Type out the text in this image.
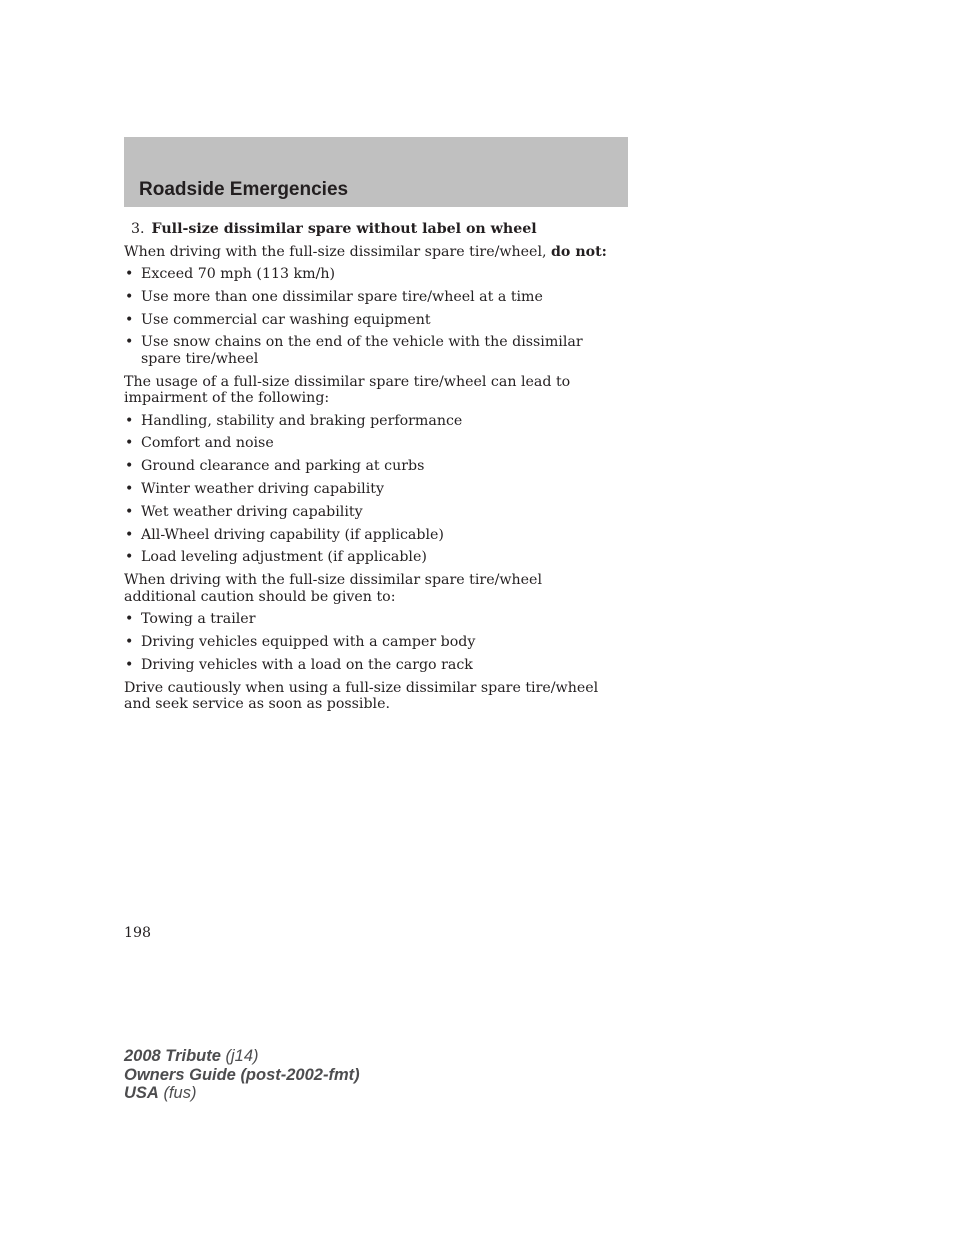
Roadside Emergencies
3. Full-size dissimilar spare without label on wheel

When driving with the full-size dissimilar spare tire/wheel, do not:

• Exceed 70 mph (113 km/h)
• Use more than one dissimilar spare tire/wheel at a time
• Use commercial car washing equipment
• Use snow chains on the end of the vehicle with the dissimilar spare tire/wheel

The usage of a full-size dissimilar spare tire/wheel can lead to impairment of the following:

• Handling, stability and braking performance
• Comfort and noise
• Ground clearance and parking at curbs
• Winter weather driving capability
• Wet weather driving capability
• All-Wheel driving capability (if applicable)
• Load leveling adjustment (if applicable)

When driving with the full-size dissimilar spare tire/wheel additional caution should be given to:

• Towing a trailer
• Driving vehicles equipped with a camper body
• Driving vehicles with a load on the cargo rack

Drive cautiously when using a full-size dissimilar spare tire/wheel and seek service as soon as possible.

198
2008 Tribute (j14)
Owners Guide (post-2002-fmt)
USA (fus)
